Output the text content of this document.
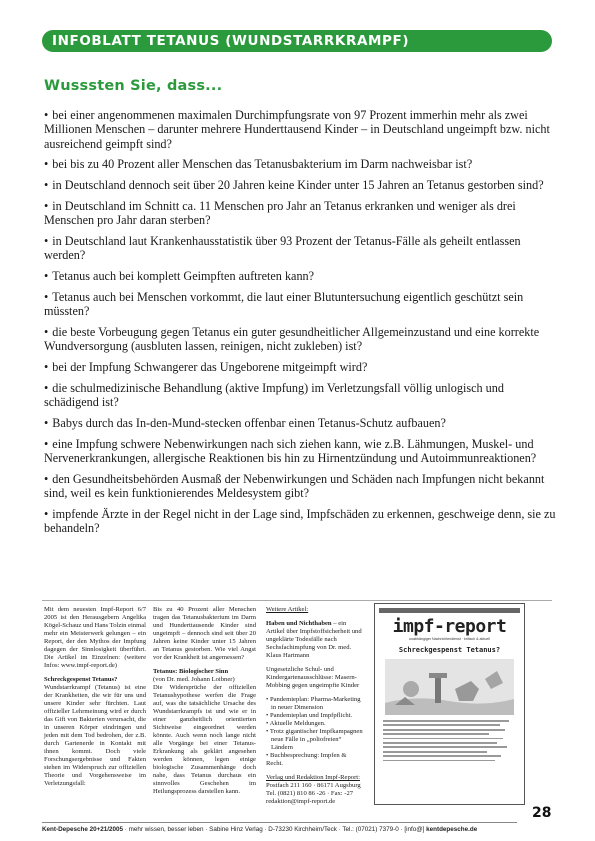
INFOBLATT TETANUS (WUNDSTARRKRAMPF)
Wusssten Sie, dass...
• bei einer angenommenen maximalen Durchimpfungsrate von 97 Prozent immerhin mehr als zwei Millionen Menschen – darunter mehrere Hunderttausend Kinder – in Deutschland ungeimpft bzw. nicht ausreichend geimpft sind?
• bei bis zu 40 Prozent aller Menschen das Tetanusbakterium im Darm nachweisbar ist?
• in Deutschland dennoch seit über 20 Jahren keine Kinder unter 15 Jahren an Tetanus gestorben sind?
• in Deutschland im Schnitt ca. 11 Menschen pro Jahr an Tetanus erkranken und weniger als drei Menschen pro Jahr daran sterben?
• in Deutschland laut Krankenhausstatistik über 93 Prozent der Tetanus-Fälle als geheilt entlassen werden?
• Tetanus auch bei komplett Geimpften auftreten kann?
• Tetanus auch bei Menschen vorkommt, die laut einer Blutuntersuchung eigentlich geschützt sein müssten?
• die beste Vorbeugung gegen Tetanus ein guter gesundheitlicher Allgemeinzustand und eine korrekte Wundversorgung (ausbluten lassen, reinigen, nicht zukleben) ist?
• bei der Impfung Schwangerer das Ungeborene mitgeimpft wird?
• die schulmedizinische Behandlung (aktive Impfung) im Verletzungsfall völlig unlogisch und schädigend ist?
• Babys durch das In-den-Mund-stecken offenbar einen Tetanus-Schutz aufbauen?
• eine Impfung schwere Nebenwirkungen nach sich ziehen kann, wie z.B. Lähmungen, Muskel- und Nervenerkrankungen, allergische Reaktionen bis hin zu Hirnentzündung und Autoimmunreaktionen?
• den Gesundheitsbehörden Ausmaß der Nebenwirkungen und Schäden nach Impfungen nicht bekannt sind, weil es kein funktionierendes Meldesystem gibt?
• impfende Ärzte in der Regel nicht in der Lage sind, Impfschäden zu erkennen, geschweige denn, sie zu behandeln?

Mit dem neuesten Impf-Report 6/7 2005 ist den Herausgebern Angelika Kögel-Schauz und Hans Tolzin einmal mehr ein Meisterwerk gelungen – ein Report, der den Mythos der Impfung dagegen der Sinnlosigkeit überführt. Die Artikel im Einzelnen: (weitere Infos: www.impf-report.de)

Schreckgespenst Tetanus?

Wundstarrkrampf (Tetanus) ist eine der Krankheiten, die wir für uns und unsere Kinder sehr fürchten. Laut offizieller Lehrmeinung wird er durch das Gift von Bakterien verursacht, die in unseren Körper eindringen und jeden mit dem Tod bedrohen, der z.B. durch Gartenerde in Kontakt mit ihnen kommt. Doch viele Forschungsergebnisse und Fakten stehen im Widerspruch zur offiziellen Theorie und Vorgehensweise im Verletzungsfall:

Bis zu 40 Prozent aller Menschen tragen das Tetanusbakterium im Darm und Hunderttausende Kinder sind ungeimpft – dennoch sind seit über 20 Jahren keine Kinder unter 15 Jahren an Tetanus gestorben. Wie viel Angst vor der Krankheit ist angemessen?

Tetanus: Biologischer Sinn
(von Dr. med. Johann Loibner)

Die Widersprüche der offiziellen Tetanushypothese werfen die Frage auf, was die tatsächliche Ursache des Wundstarrkrampfs ist und wie er in einer ganzheitlich orientierten Sichtweise eingeordnet werden könnte. Auch wenn noch lange nicht alle Vorgänge bei einer Tetanus-Erkrankung als geklärt angesehen werden können, legen einige biologische Zusammenhänge doch nahe, dass Tetanus durchaus ein sinnvolles Geschehen im Heilungsprozess darstellen kann.

Weitere Artikel:

Haben und Nichthaben – ein Artikel über Impfstoffsicherheit und ungeklärte Todesfälle nach Sechsfachimpfung von Dr. med. Klaus Hartmann

Ungesetzliche Schul- und Kindergartenausschlüsse: Masern-Mobbing gegen ungeimpfte Kinder

• Pandemieplan: Pharma-Marketing
in neuer Dimension
• Pandemieplan und Impfpflicht.
• Aktuelle Meldungen.
• Trotz gigantischer Impfkampagnen
neue Fälle in „poliofreien“ Ländern
• Buchbesprechung: Impfen & Recht.
Verlag und Redaktion Impf-Report:
Postfach 211 160 · 86171 Augsburg
Tel. (0821) 810 86 -26 · Fax: -27
redaktion@impf-report.de
impf-report
unabhängiger Nachrichtendienst · kritisch & aktuell
Schreckgespenst Tetanus?
28
Kent-Depesche 20+21/2005 · mehr wissen, besser leben · Sabine Hinz Verlag · D-73230 Kirchheim/Teck · Tel.: (07021) 7379-0 · [info@] kentdepesche.de
